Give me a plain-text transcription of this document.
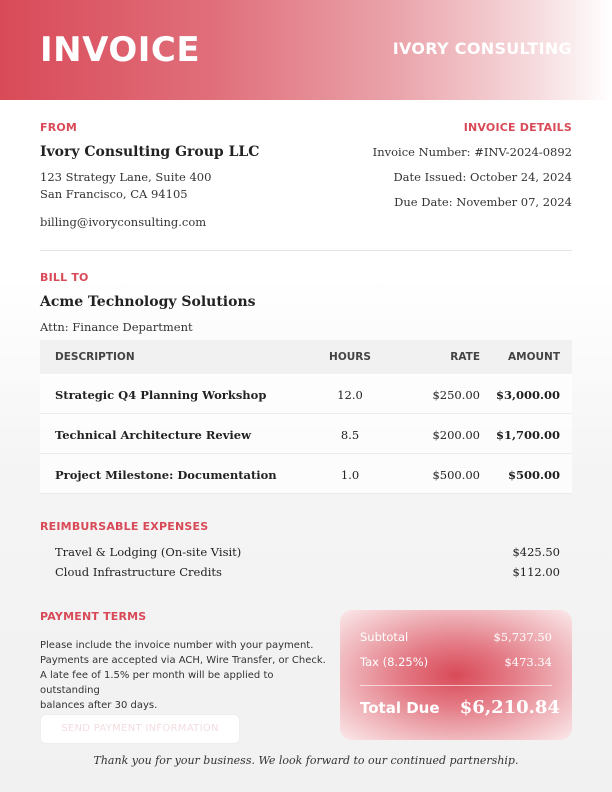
INVOICE	IVORY CONSULTING
FROM
Ivory Consulting Group LLC
123 Strategy Lane, Suite 400
San Francisco, CA 94105
billing@ivoryconsulting.com
INVOICE DETAILS
Invoice Number: #INV-2024-0892
Date Issued: October 24, 2024
Due Date: November 07, 2024
BILL TO
Acme Technology Solutions
Attn: Finance Department
DESCRIPTION	HOURS	RATE	AMOUNT
Strategic Q4 Planning Workshop	12.0	$250.00 $3,000.00
Technical Architecture Review	8.5	$200.00 $1,700.00
Project Milestone: Documentation	1.0	$500.00 $500.00
REIMBURSABLE EXPENSES
Travel & Lodging (On-site Visit)	$425.50
Cloud Infrastructure Credits	$112.00
PAYMENT TERMS
Please include the invoice number with your payment.
Payments are accepted via ACH, Wire Transfer, or Check.
A late fee of 1.5% per month will be applied to outstanding
balances after 30 days.
SEND PAYMENT INFORMATION
Subtotal	$5,737.50
Tax (8.25%)	$473.34
Total Due $6,210.84
Thank you for your business. We look forward to our continued partnership.
